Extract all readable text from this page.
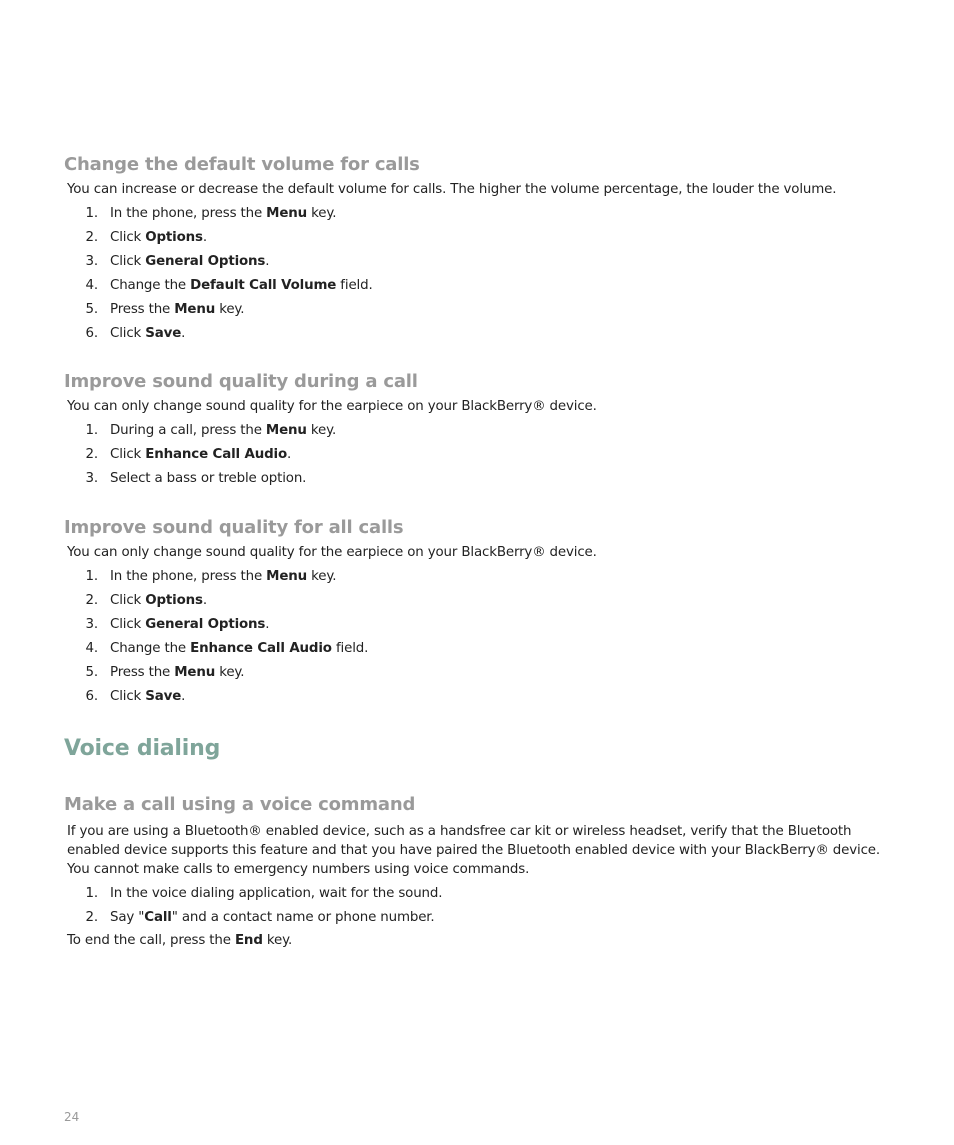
Change the default volume for calls

You can increase or decrease the default volume for calls. The higher the volume percentage, the louder the volume.

1. In the phone, press the Menu key.
2. Click Options.
3. Click General Options.
4. Change the Default Call Volume field.
5. Press the Menu key.
6. Click Save.
Improve sound quality during a call

You can only change sound quality for the earpiece on your BlackBerry® device.

1. During a call, press the Menu key.
2. Click Enhance Call Audio.
3. Select a bass or treble option.
Improve sound quality for all calls

You can only change sound quality for the earpiece on your BlackBerry® device.

1. In the phone, press the Menu key.
2. Click Options.
3. Click General Options.
4. Change the Enhance Call Audio field.
5. Press the Menu key.
6. Click Save.
Voice dialing
Make a call using a voice command

If you are using a Bluetooth® enabled device, such as a handsfree car kit or wireless headset, verify that the Bluetooth enabled device supports this feature and that you have paired the Bluetooth enabled device with your BlackBerry® device.

You cannot make calls to emergency numbers using voice commands.

1. In the voice dialing application, wait for the sound.
2. Say "Call" and a contact name or phone number.

To end the call, press the End key.

24
